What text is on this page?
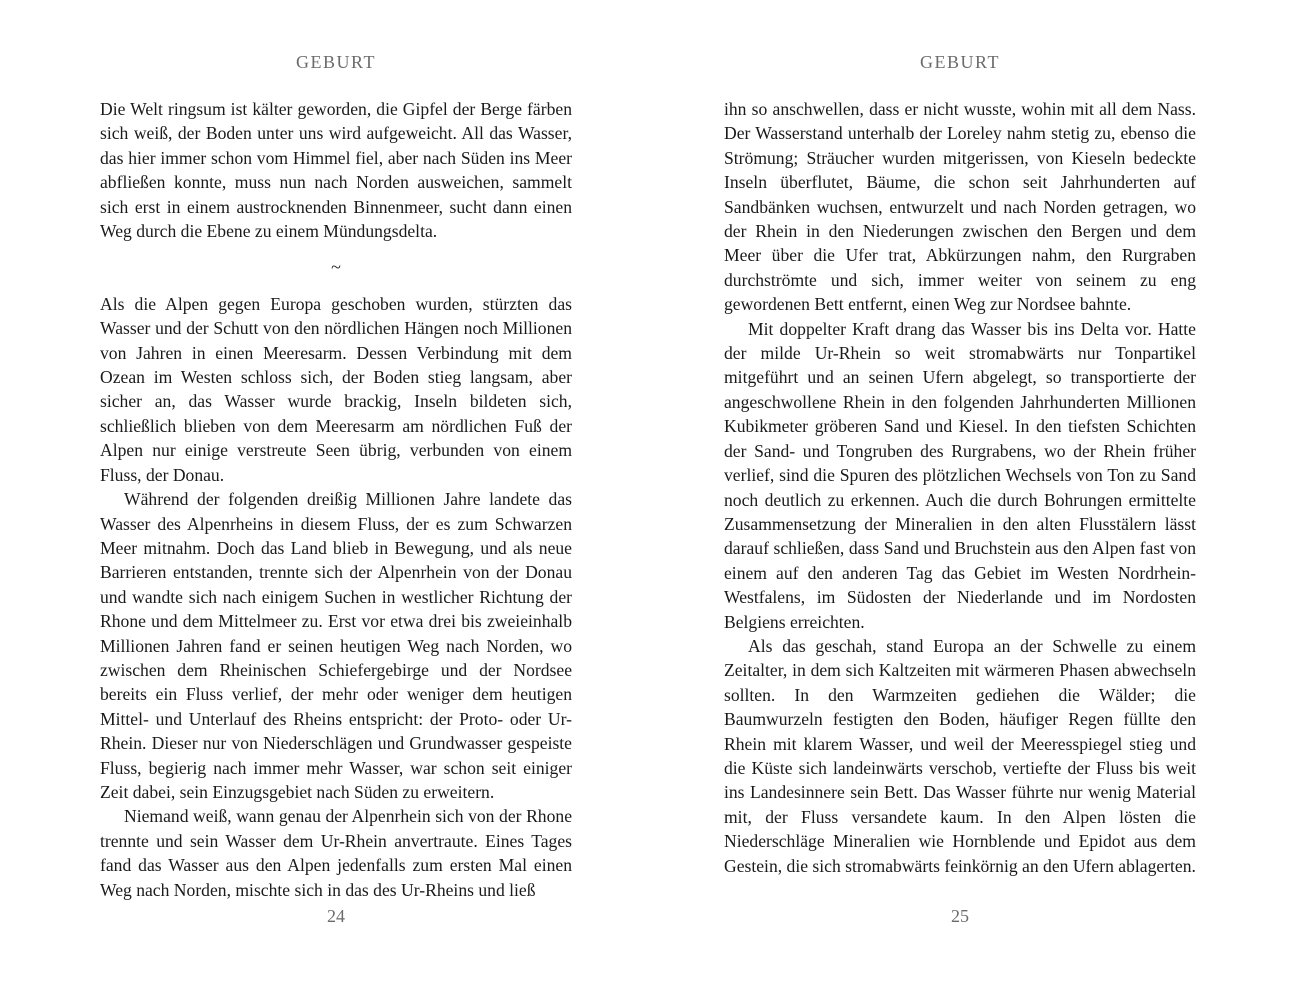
GEBURT

Die Welt ringsum ist kälter geworden, die Gipfel der Berge färben sich weiß, der Boden unter uns wird aufgeweicht. All das Wasser, das hier immer schon vom Himmel fiel, aber nach Süden ins Meer abfließen konnte, muss nun nach Norden ausweichen, sammelt sich erst in einem austrocknenden Binnenmeer, sucht dann einen Weg durch die Ebene zu einem Mündungsdelta.

~

Als die Alpen gegen Europa geschoben wurden, stürzten das Wasser und der Schutt von den nördlichen Hängen noch Millionen von Jahren in einen Meeresarm. Dessen Verbindung mit dem Ozean im Westen schloss sich, der Boden stieg langsam, aber sicher an, das Wasser wurde brackig, Inseln bildeten sich, schließlich blieben von dem Meeresarm am nördlichen Fuß der Alpen nur einige verstreute Seen übrig, verbunden von einem Fluss, der Donau.

Während der folgenden dreißig Millionen Jahre landete das Wasser des Alpenrheins in diesem Fluss, der es zum Schwarzen Meer mitnahm. Doch das Land blieb in Bewegung, und als neue Barrieren entstanden, trennte sich der Alpenrhein von der Donau und wandte sich nach einigem Suchen in westlicher Richtung der Rhone und dem Mittelmeer zu. Erst vor etwa drei bis zweieinhalb Millionen Jahren fand er seinen heutigen Weg nach Norden, wo zwischen dem Rheinischen Schiefergebirge und der Nordsee bereits ein Fluss verlief, der mehr oder weniger dem heutigen Mittel- und Unterlauf des Rheins entspricht: der Proto- oder Ur-Rhein. Dieser nur von Niederschlägen und Grundwasser gespeiste Fluss, begierig nach immer mehr Wasser, war schon seit einiger Zeit dabei, sein Einzugsgebiet nach Süden zu erweitern.

Niemand weiß, wann genau der Alpenrhein sich von der Rhone trennte und sein Wasser dem Ur-Rhein anvertraute. Eines Tages fand das Wasser aus den Alpen jedenfalls zum ersten Mal einen Weg nach Norden, mischte sich in das des Ur-Rheins und ließ

24
GEBURT

ihn so anschwellen, dass er nicht wusste, wohin mit all dem Nass. Der Wasserstand unterhalb der Loreley nahm stetig zu, ebenso die Strömung; Sträucher wurden mitgerissen, von Kieseln bedeckte Inseln überflutet, Bäume, die schon seit Jahrhunderten auf Sandbänken wuchsen, entwurzelt und nach Norden getragen, wo der Rhein in den Niederungen zwischen den Bergen und dem Meer über die Ufer trat, Abkürzungen nahm, den Rurgraben durchströmte und sich, immer weiter von seinem zu eng gewordenen Bett entfernt, einen Weg zur Nordsee bahnte.

Mit doppelter Kraft drang das Wasser bis ins Delta vor. Hatte der milde Ur-Rhein so weit stromabwärts nur Tonpartikel mitgeführt und an seinen Ufern abgelegt, so transportierte der angeschwollene Rhein in den folgenden Jahrhunderten Millionen Kubikmeter gröberen Sand und Kiesel. In den tiefsten Schichten der Sand- und Tongruben des Rurgrabens, wo der Rhein früher verlief, sind die Spuren des plötzlichen Wechsels von Ton zu Sand noch deutlich zu erkennen. Auch die durch Bohrungen ermittelte Zusammensetzung der Mineralien in den alten Flusstälern lässt darauf schließen, dass Sand und Bruchstein aus den Alpen fast von einem auf den anderen Tag das Gebiet im Westen Nordrhein-Westfalens, im Südosten der Niederlande und im Nordosten Belgiens erreichten.

Als das geschah, stand Europa an der Schwelle zu einem Zeitalter, in dem sich Kaltzeiten mit wärmeren Phasen abwechseln sollten. In den Warmzeiten gediehen die Wälder; die Baumwurzeln festigten den Boden, häufiger Regen füllte den Rhein mit klarem Wasser, und weil der Meeresspiegel stieg und die Küste sich landeinwärts verschob, vertiefte der Fluss bis weit ins Landesinnere sein Bett. Das Wasser führte nur wenig Material mit, der Fluss versandete kaum. In den Alpen lösten die Niederschläge Mineralien wie Hornblende und Epidot aus dem Gestein, die sich stromabwärts feinkörnig an den Ufern ablagerten.

25
